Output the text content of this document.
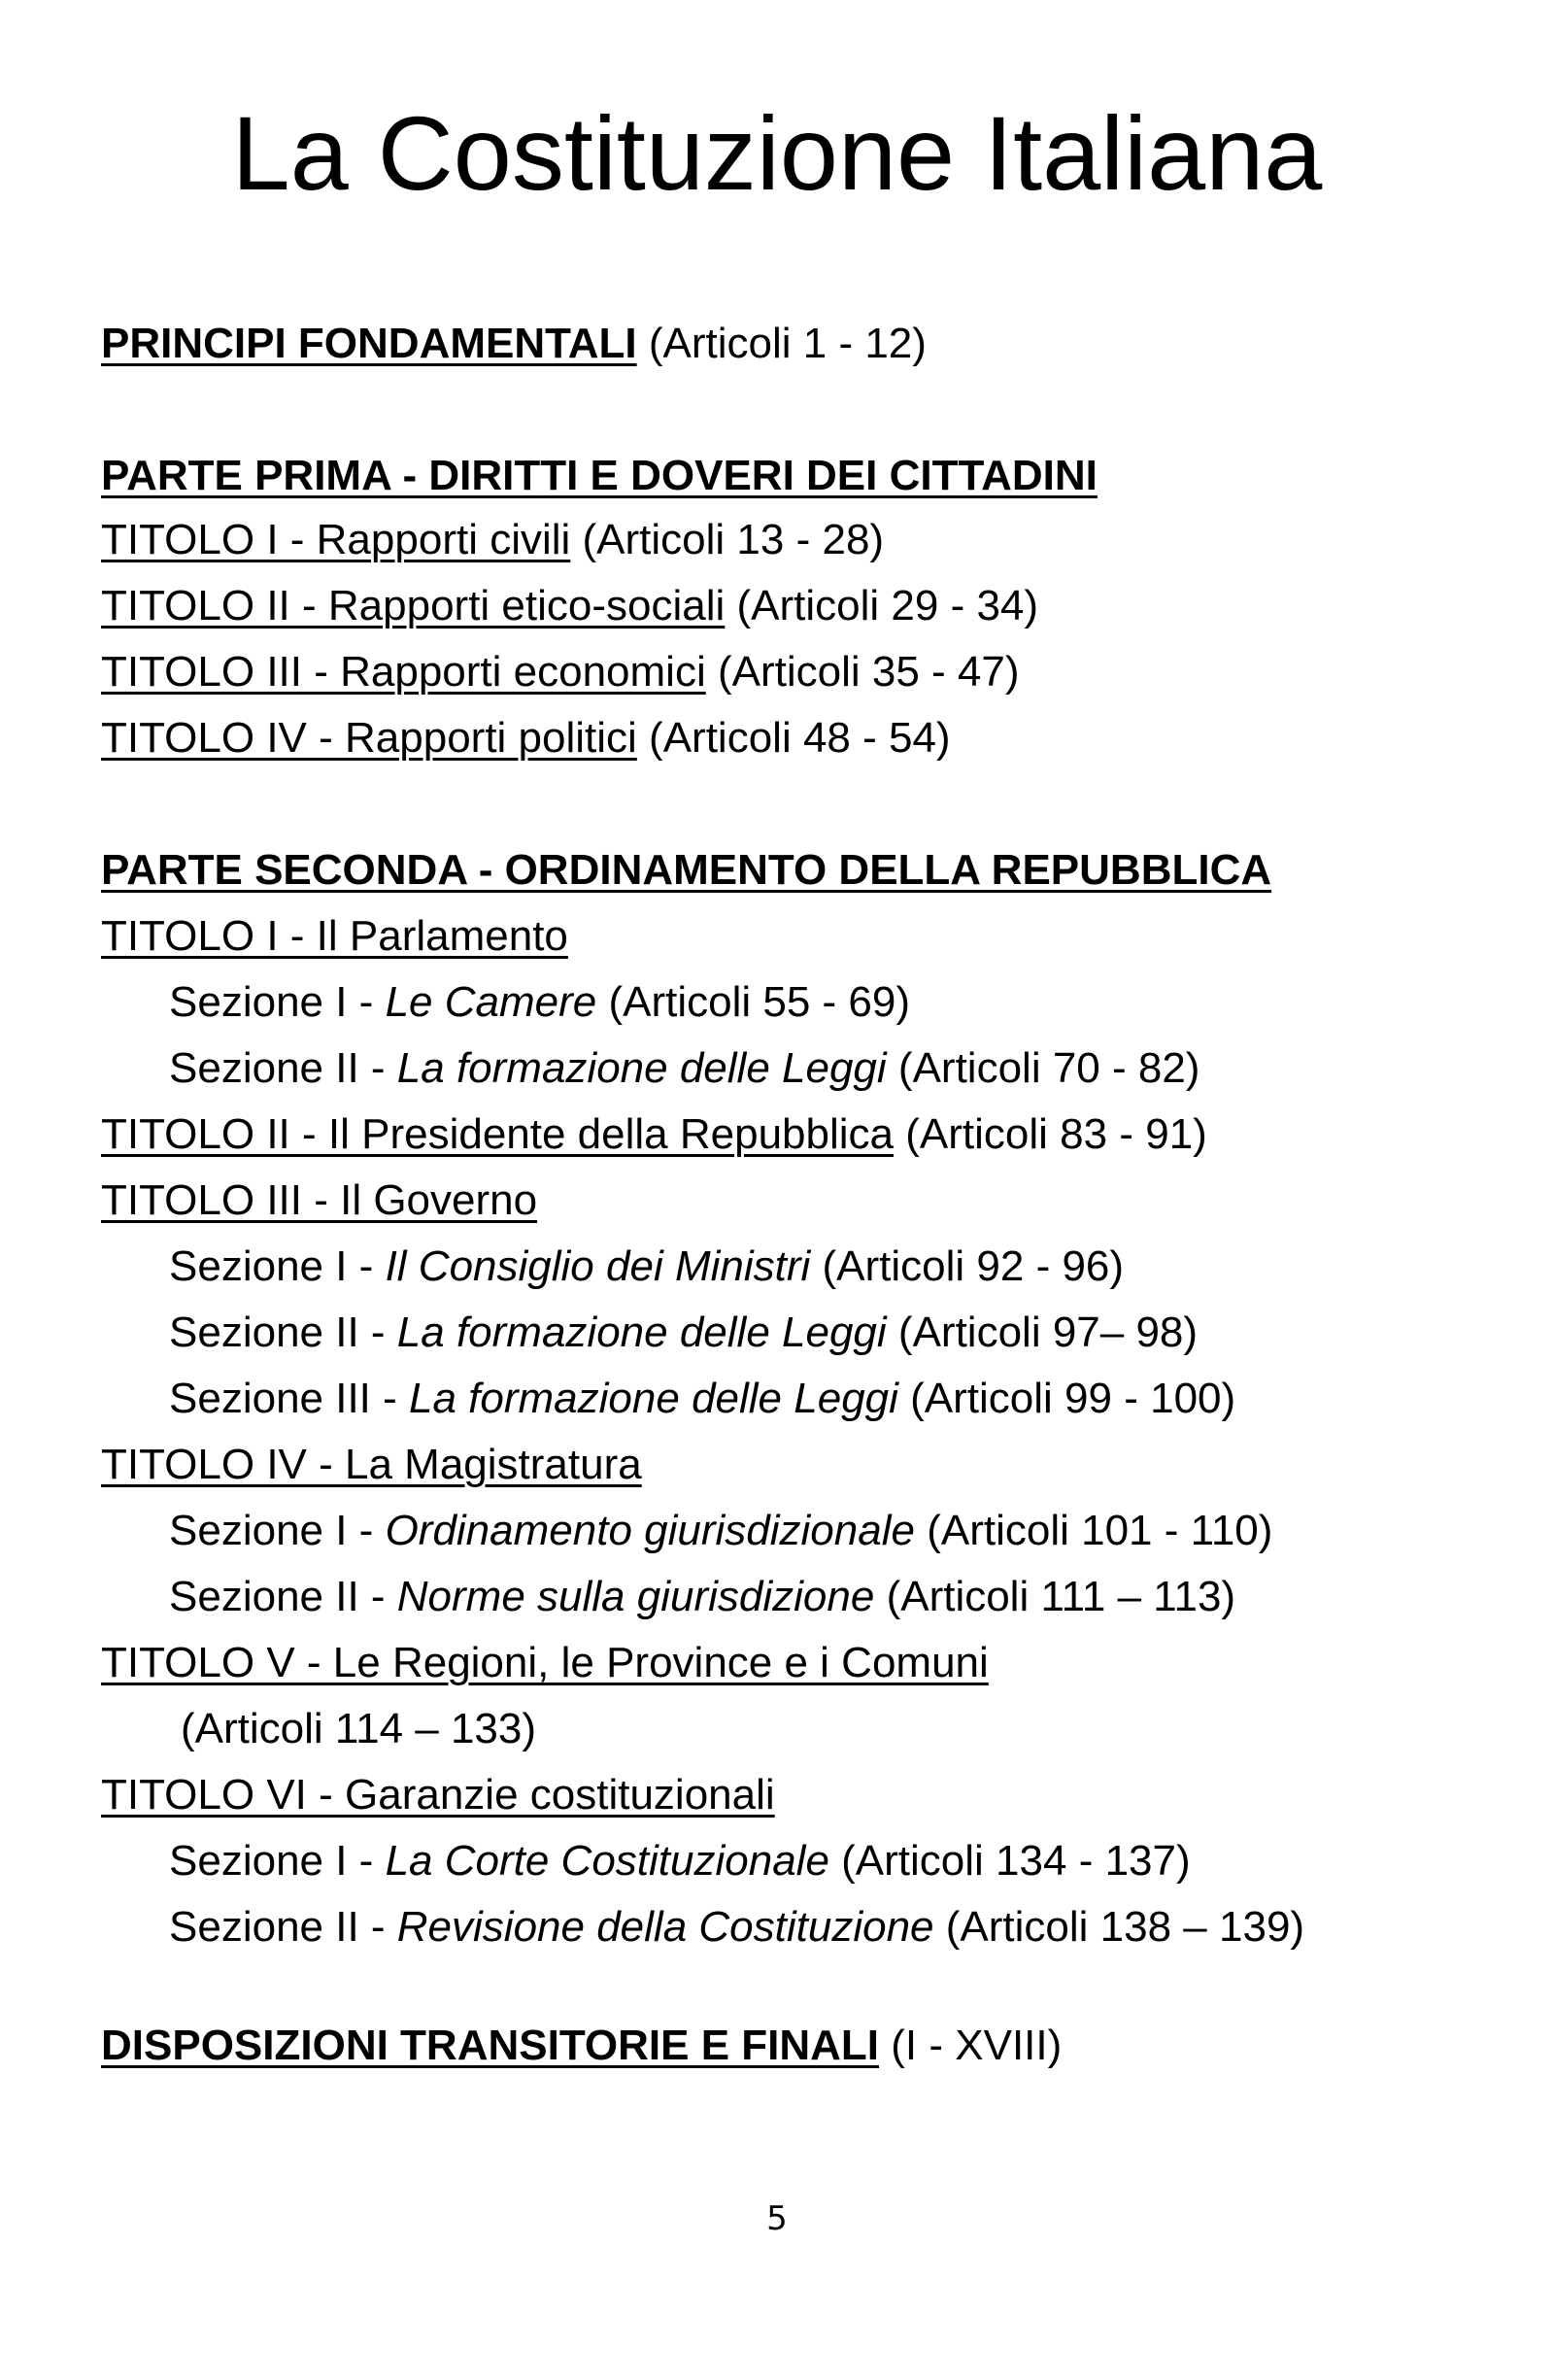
La Costituzione Italiana
PRINCIPI FONDAMENTALI (Articoli 1 - 12)
PARTE PRIMA - DIRITTI E DOVERI DEI CITTADINI
TITOLO I - Rapporti civili (Articoli 13 - 28)
TITOLO II - Rapporti etico-sociali (Articoli 29 - 34)
TITOLO III - Rapporti economici (Articoli 35 - 47)
TITOLO IV - Rapporti politici (Articoli 48 - 54)
PARTE SECONDA - ORDINAMENTO DELLA REPUBBLICA
TITOLO I - Il Parlamento
Sezione I - Le Camere (Articoli 55 - 69)
Sezione II - La formazione delle Leggi (Articoli 70 - 82)
TITOLO II - Il Presidente della Repubblica (Articoli 83 - 91)
TITOLO III - Il Governo
Sezione I - Il Consiglio dei Ministri (Articoli 92 - 96)
Sezione II - La formazione delle Leggi (Articoli 97– 98)
Sezione III - La formazione delle Leggi (Articoli 99 - 100)
TITOLO IV - La Magistratura
Sezione I - Ordinamento giurisdizionale (Articoli 101 - 110)
Sezione II - Norme sulla giurisdizione (Articoli 111 – 113)
TITOLO V - Le Regioni, le Province e i Comuni
(Articoli 114 – 133)
TITOLO VI - Garanzie costituzionali
Sezione I - La Corte Costituzionale (Articoli 134 - 137)
Sezione II - Revisione della Costituzione (Articoli 138 – 139)
DISPOSIZIONI TRANSITORIE E FINALI (I - XVIII)
5
